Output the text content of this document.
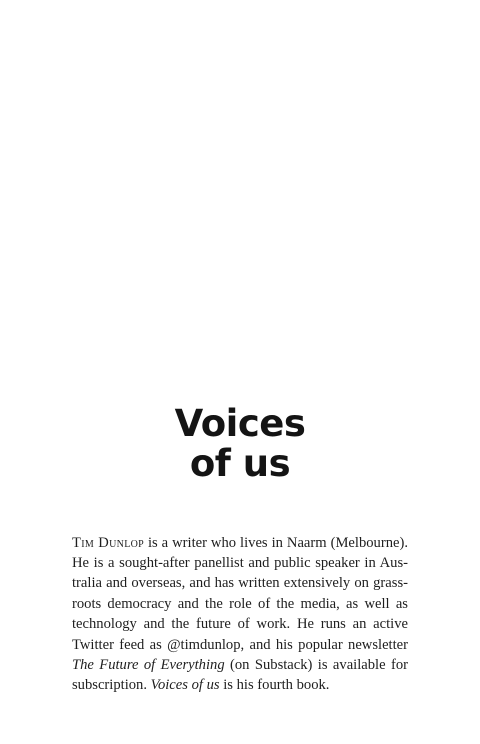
Voices
of us

Tim Dunlop is a writer who lives in Naarm (Melbourne). He is a sought-after panellist and public speaker in Australia and overseas, and has written extensively on grassroots democracy and the role of the media, as well as technology and the future of work. He runs an active Twitter feed as @timdunlop, and his popular newsletter The Future of Everything (on Substack) is available for subscription. Voices of us is his fourth book.
